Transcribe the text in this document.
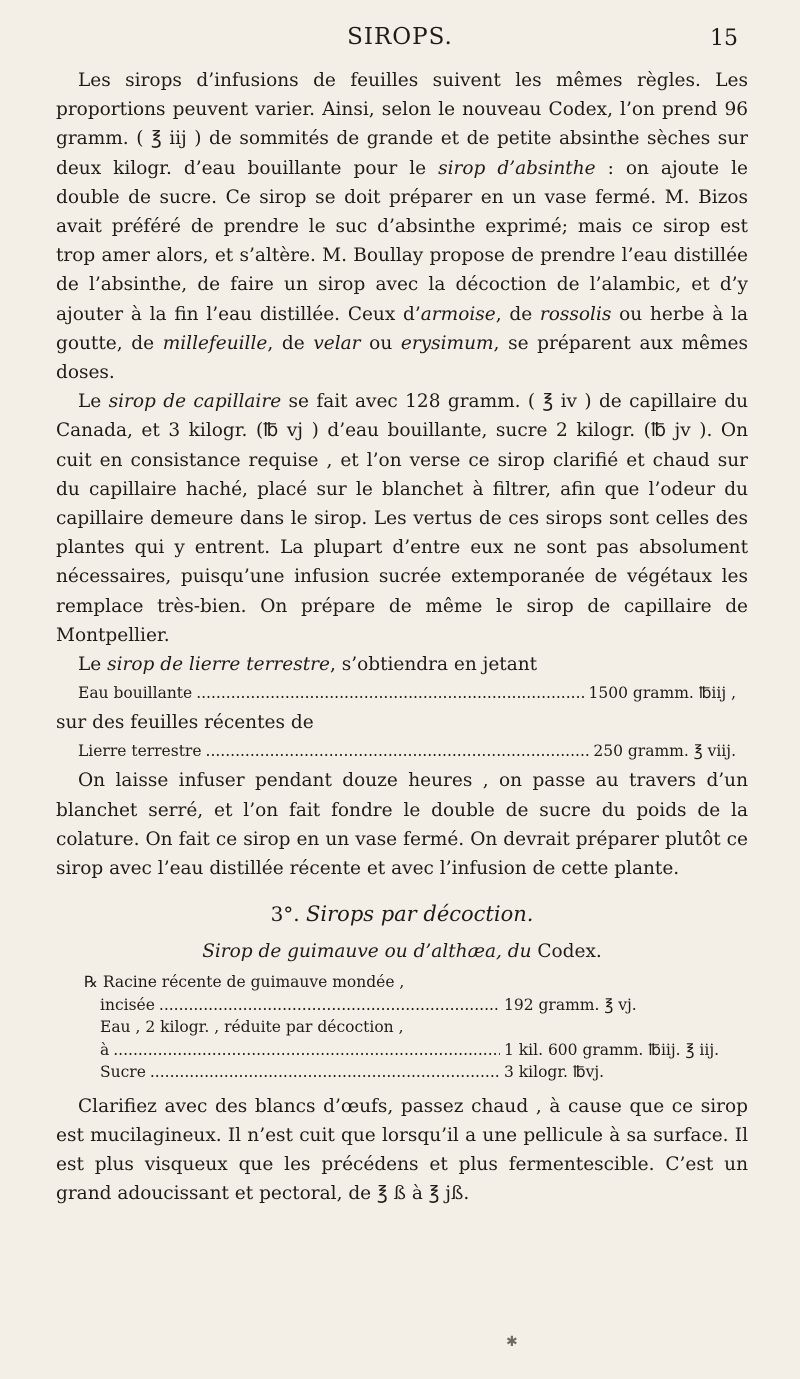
SIROPS.	15

Les sirops d’infusions de feuilles suivent les mêmes règles. Les proportions peuvent varier. Ainsi, selon le nouveau Codex, l’on prend 96 gramm. ( ℥ iij ) de sommités de grande et de petite absinthe sèches sur deux kilogr. d’eau bouillante pour le sirop d’absinthe : on ajoute le double de sucre. Ce sirop se doit préparer en un vase fermé. M. Bizos avait préféré de prendre le suc d’absinthe exprimé; mais ce sirop est trop amer alors, et s’altère. M. Boullay propose de prendre l’eau distillée de l’absinthe, de faire un sirop avec la décoction de l’alambic, et d’y ajouter à la fin l’eau distillée. Ceux d’armoise, de rossolis ou herbe à la goutte, de millefeuille, de velar ou erysimum, se préparent aux mêmes doses.

Le sirop de capillaire se fait avec 128 gramm. ( ℥ iv ) de capillaire du Canada, et 3 kilogr. (℔ vj ) d’eau bouillante, sucre 2 kilogr. (℔ jv ). On cuit en consistance requise , et l’on verse ce sirop clarifié et chaud sur du capillaire haché, placé sur le blanchet à filtrer, afin que l’odeur du capillaire demeure dans le sirop. Les vertus de ces sirops sont celles des plantes qui y entrent. La plupart d’entre eux ne sont pas absolument nécessaires, puisqu’une infusion sucrée extemporanée de végétaux les remplace très-bien. On prépare de même le sirop de capillaire de Montpellier.

Le sirop de lierre terrestre, s’obtiendra en jetant

Eau bouillante .....	1500 gramm. ℔iij ,

sur des feuilles récentes de

Lierre terrestre .....	250 gramm. ℥ viij.

On laisse infuser pendant douze heures , on passe au travers d’un blanchet serré, et l’on fait fondre le double de sucre du poids de la colature. On fait ce sirop en un vase fermé. On devrait préparer plutôt ce sirop avec l’eau distillée récente et avec l’infusion de cette plante.

3°. Sirops par décoction.
Sirop de guimauve ou d’althæa, du Codex.
℞ Racine récente de guimauve mondée ,
incisée .....	192 gramm. ℥ vj.
Eau , 2 kilogr. , réduite par décoction ,
à .....	1 kil. 600 gramm. ℔iij. ℥ iij.
Sucre .....	3 kilogr. ℔vj.

Clarifiez avec des blancs d’œufs, passez chaud , à cause que ce sirop est mucilagineux. Il n’est cuit que lorsqu’il a une pellicule à sa surface. Il est plus visqueux que les précédens et plus fermentescible. C’est un grand adoucissant et pectoral, de ℥ ß à ℥ jß.

✱
